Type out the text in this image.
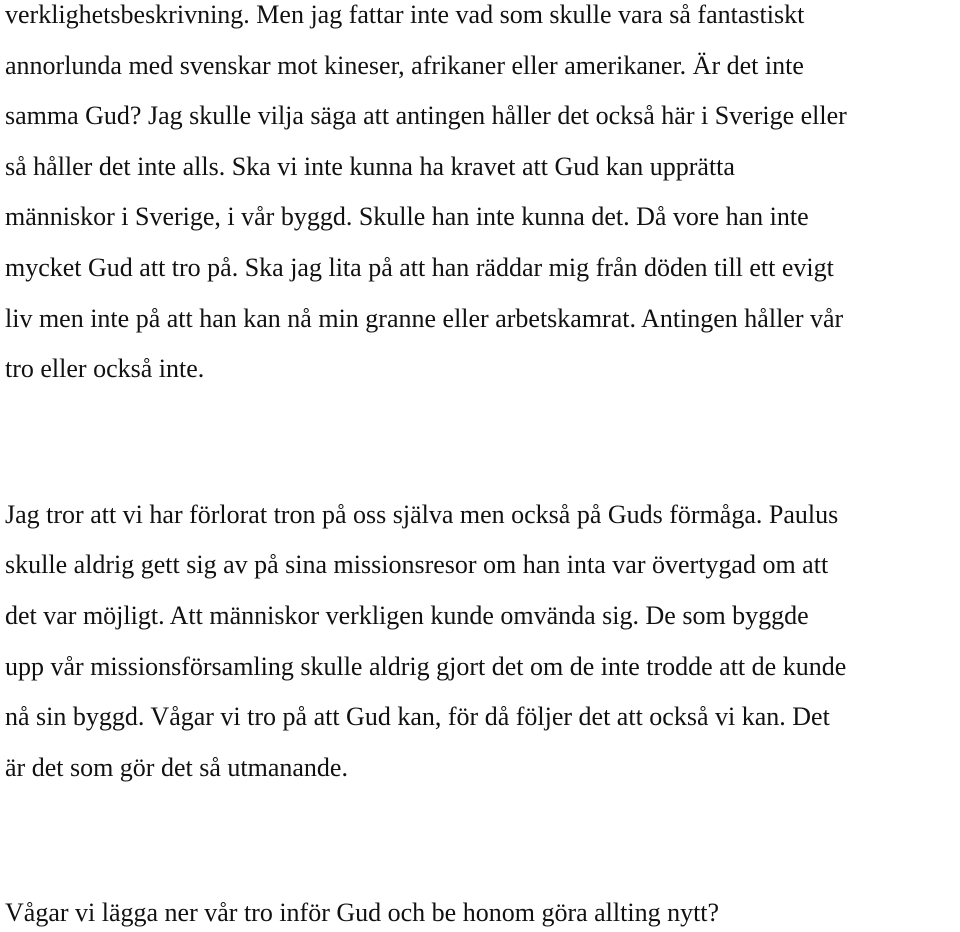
verklighetsbeskrivning. Men jag fattar inte vad som skulle vara så fantastiskt

annorlunda med svenskar mot kineser, afrikaner eller amerikaner. Är det inte

samma Gud? Jag skulle vilja säga att antingen håller det också här i Sverige eller

så håller det inte alls. Ska vi inte kunna ha kravet att Gud kan upprätta

människor i Sverige, i vår byggd. Skulle han inte kunna det. Då vore han inte

mycket Gud att tro på. Ska jag lita på att han räddar mig från döden till ett evigt

liv men inte på att han kan nå min granne eller arbetskamrat. Antingen håller vår

tro eller också inte.

Jag tror att vi har förlorat tron på oss själva men också på Guds förmåga. Paulus

skulle aldrig gett sig av på sina missionsresor om han inta var övertygad om att

det var möjligt. Att människor verkligen kunde omvända sig. De som byggde

upp vår missionsförsamling skulle aldrig gjort det om de inte trodde att de kunde

nå sin byggd. Vågar vi tro på att Gud kan, för då följer det att också vi kan. Det

är det som gör det så utmanande.

Vågar vi lägga ner vår tro inför Gud och be honom göra allting nytt?
